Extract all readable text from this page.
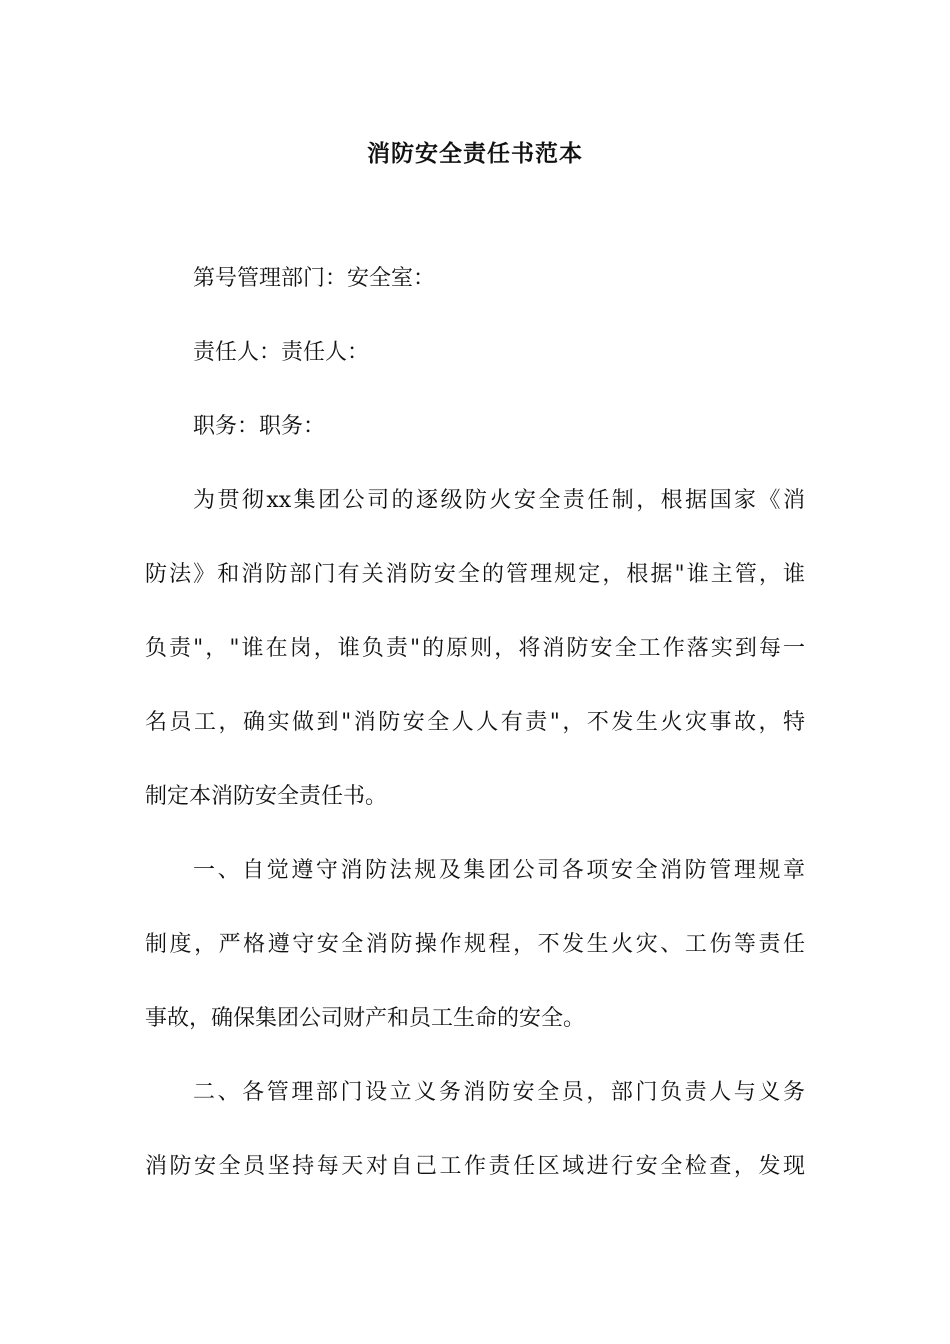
消防安全责任书范本
第号管理部门：安全室：
责任人：责任人：
职务：职务：
为贯彻xx集团公司的逐级防火安全责任制，根据国家《消
防法》和消防部门有关消防安全的管理规定，根据"谁主管，谁
负责"，"谁在岗，谁负责"的原则，将消防安全工作落实到每一
名员工，确实做到"消防安全人人有责"，不发生火灾事故，特
制定本消防安全责任书。
一、自觉遵守消防法规及集团公司各项安全消防管理规章
制度，严格遵守安全消防操作规程，不发生火灾、工伤等责任
事故，确保集团公司财产和员工生命的安全。
二、各管理部门设立义务消防安全员，部门负责人与义务
消防安全员坚持每天对自己工作责任区域进行安全检查，发现
